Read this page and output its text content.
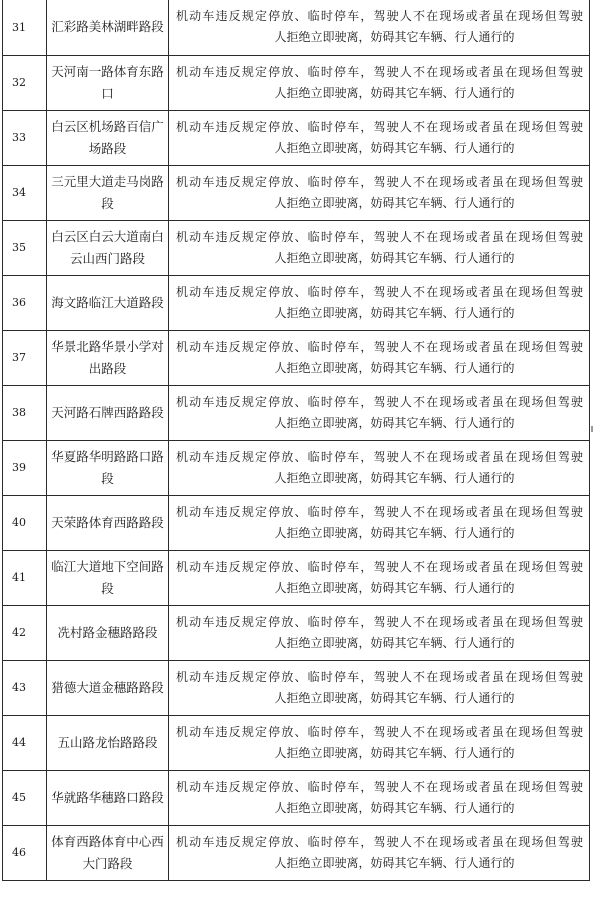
31	汇彩路美林湖畔路段	机动车违反规定停放、临时停车，驾驶人不在现场或者虽在现场但驾驶
人拒绝立即驶离，妨碍其它车辆、行人通行的

32	天河南一路体育东路口	机动车违反规定停放、临时停车，驾驶人不在现场或者虽在现场但驾驶
人拒绝立即驶离，妨碍其它车辆、行人通行的

33	白云区机场路百信广场路段	机动车违反规定停放、临时停车，驾驶人不在现场或者虽在现场但驾驶
人拒绝立即驶离，妨碍其它车辆、行人通行的

34	三元里大道走马岗路段	机动车违反规定停放、临时停车，驾驶人不在现场或者虽在现场但驾驶
人拒绝立即驶离，妨碍其它车辆、行人通行的

35	白云区白云大道南白云山西门路段	机动车违反规定停放、临时停车，驾驶人不在现场或者虽在现场但驾驶
人拒绝立即驶离，妨碍其它车辆、行人通行的

36	海文路临江大道路段	机动车违反规定停放、临时停车，驾驶人不在现场或者虽在现场但驾驶
人拒绝立即驶离，妨碍其它车辆、行人通行的

37	华景北路华景小学对出路段	机动车违反规定停放、临时停车，驾驶人不在现场或者虽在现场但驾驶
人拒绝立即驶离，妨碍其它车辆、行人通行的

38	天河路石牌西路路段	机动车违反规定停放、临时停车，驾驶人不在现场或者虽在现场但驾驶
人拒绝立即驶离，妨碍其它车辆、行人通行的

39	华夏路华明路路口路段	机动车违反规定停放、临时停车，驾驶人不在现场或者虽在现场但驾驶
人拒绝立即驶离，妨碍其它车辆、行人通行的

40	天荣路体育西路路段	机动车违反规定停放、临时停车，驾驶人不在现场或者虽在现场但驾驶
人拒绝立即驶离，妨碍其它车辆、行人通行的

41	临江大道地下空间路段	机动车违反规定停放、临时停车，驾驶人不在现场或者虽在现场但驾驶
人拒绝立即驶离，妨碍其它车辆、行人通行的

42	冼村路金穗路路段	机动车违反规定停放、临时停车，驾驶人不在现场或者虽在现场但驾驶
人拒绝立即驶离，妨碍其它车辆、行人通行的

43	猎德大道金穗路路段	机动车违反规定停放、临时停车，驾驶人不在现场或者虽在现场但驾驶
人拒绝立即驶离，妨碍其它车辆、行人通行的

44	五山路龙怡路路段	机动车违反规定停放、临时停车，驾驶人不在现场或者虽在现场但驾驶
人拒绝立即驶离，妨碍其它车辆、行人通行的

45	华就路华穗路口路段	机动车违反规定停放、临时停车，驾驶人不在现场或者虽在现场但驾驶
人拒绝立即驶离，妨碍其它车辆、行人通行的

46	体育西路体育中心西大门路段	机动车违反规定停放、临时停车，驾驶人不在现场或者虽在现场但驾驶
人拒绝立即驶离，妨碍其它车辆、行人通行的
